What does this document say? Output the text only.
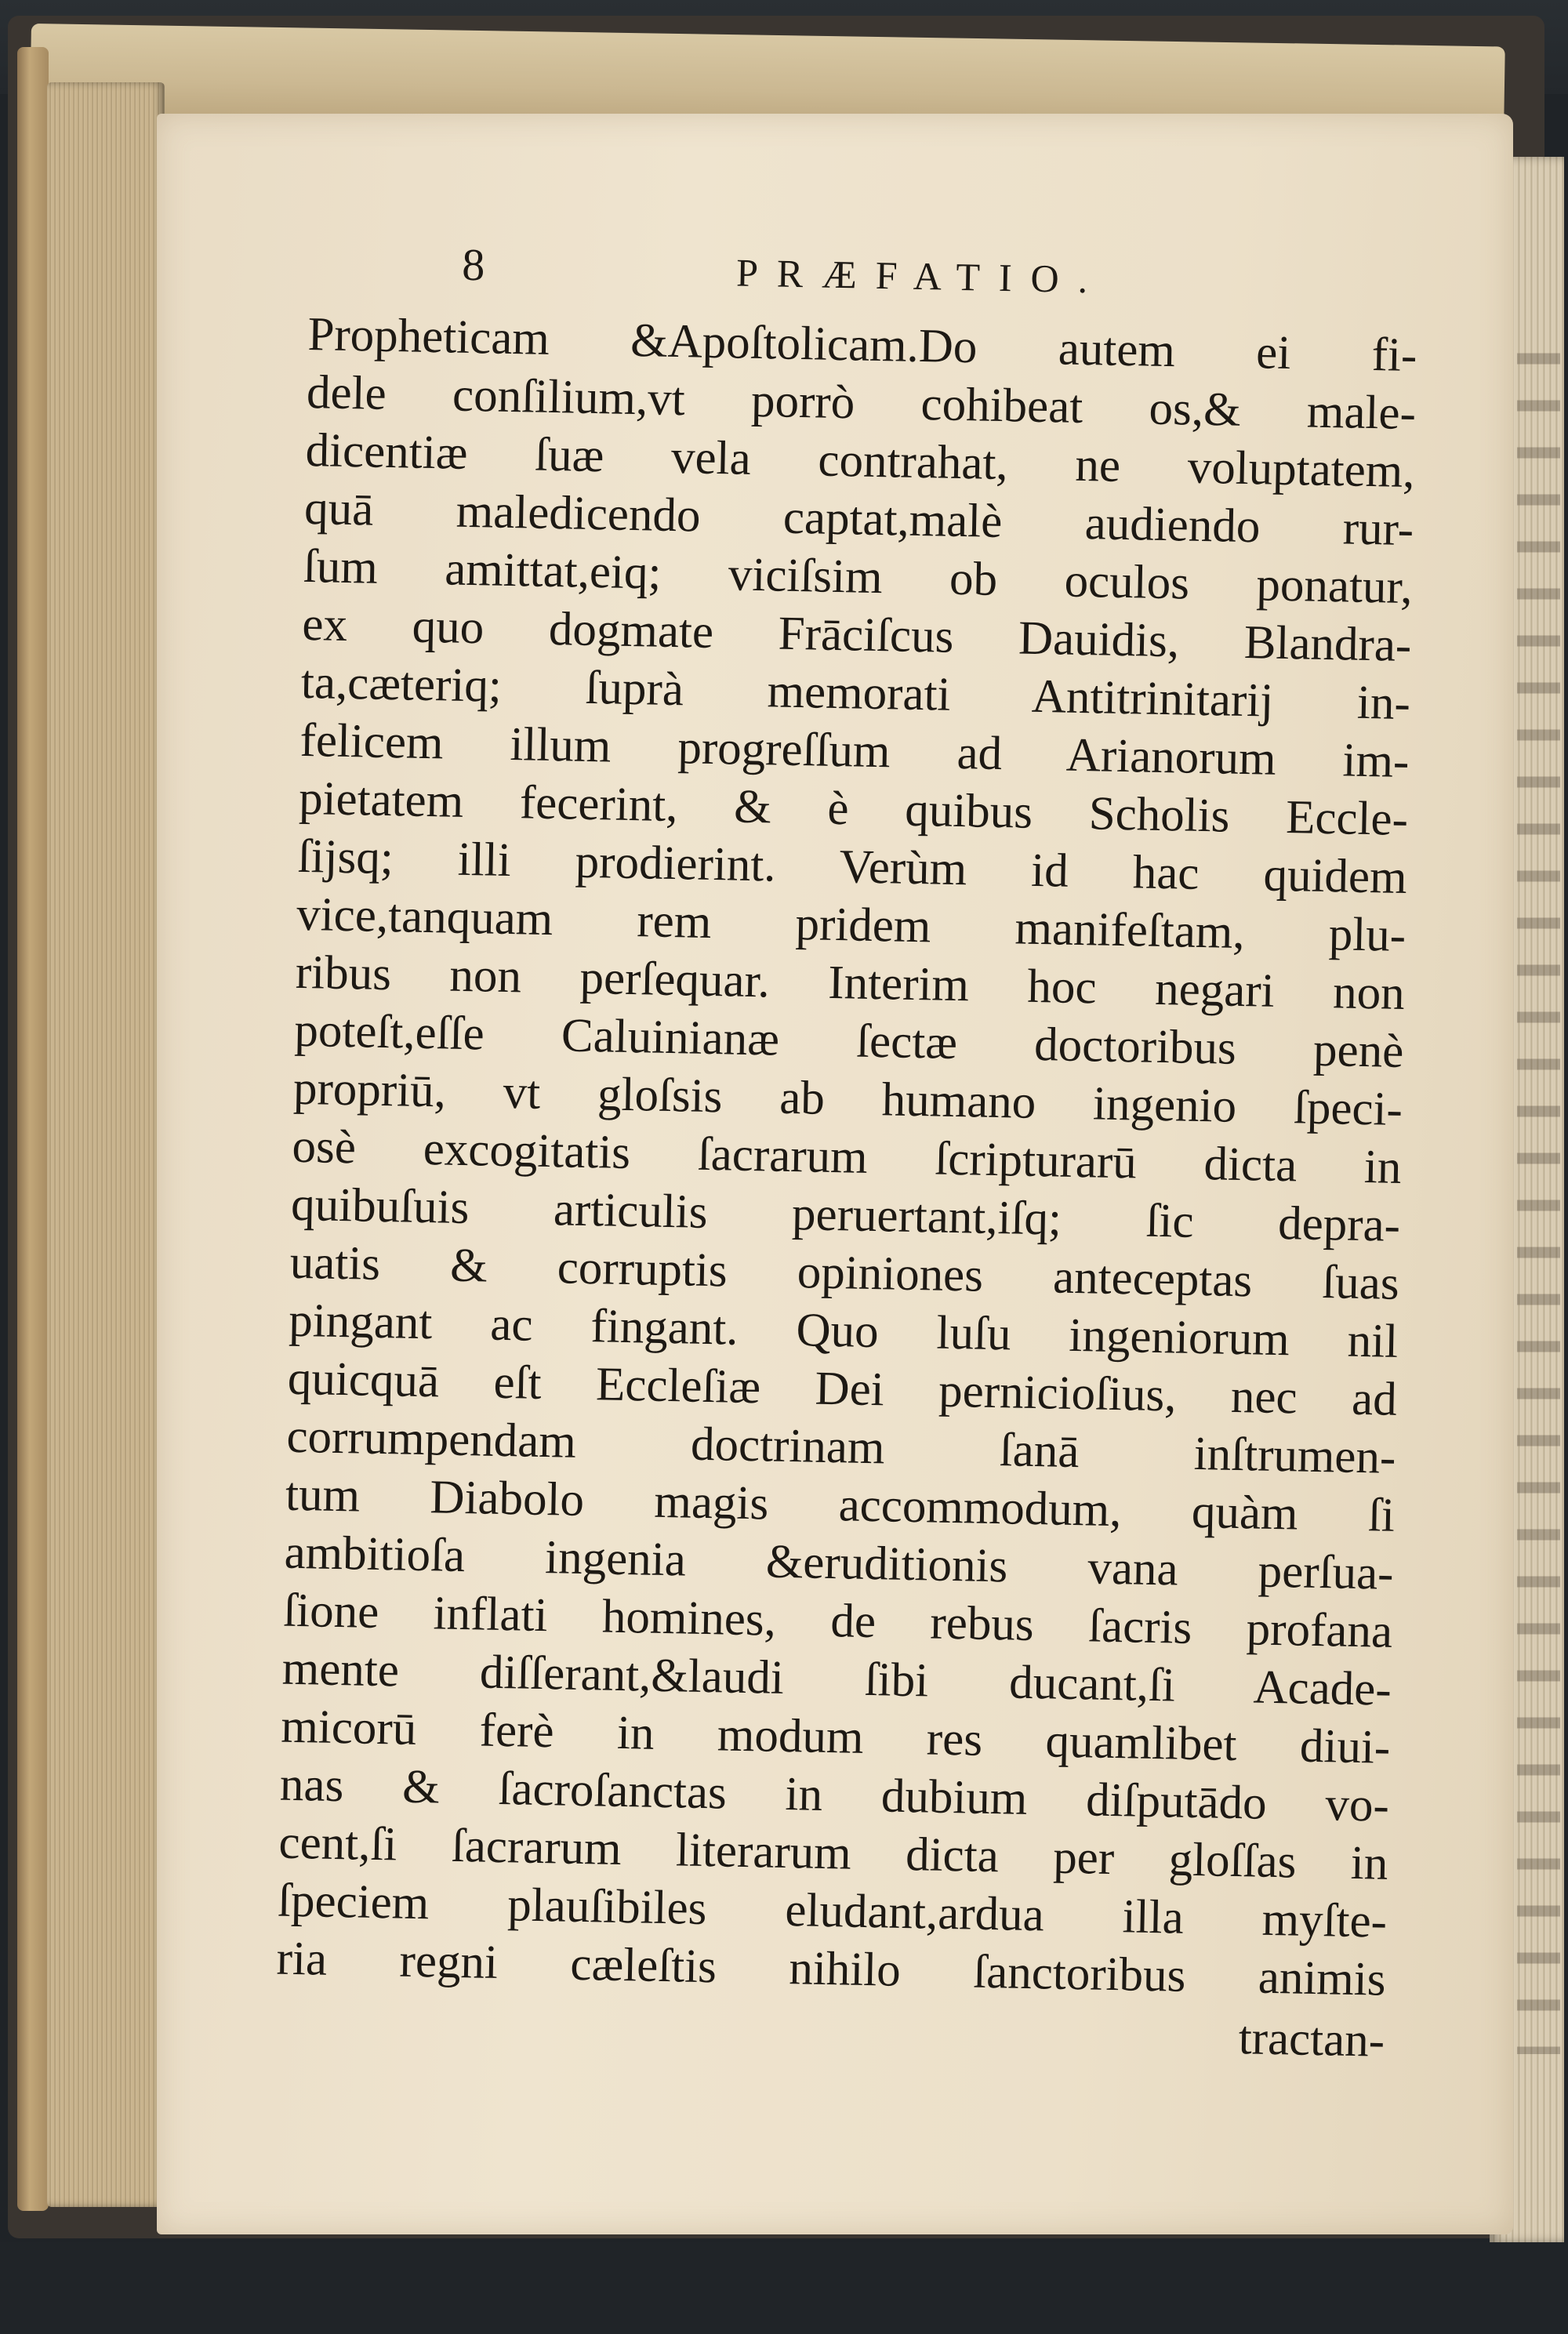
8	PRÆFATIO.
Propheticam &Apoſtolicam.Do autem ei fi-
dele conſilium,vt porrò cohibeat os,& male-
dicentiæ ſuæ vela contrahat, ne voluptatem,
quā maledicendo captat,malè audiendo rur-
ſum amittat,eiq; viciſsim ob oculos ponatur,
ex quo dogmate Frāciſcus Dauidis, Blandra-
ta,cæteriq; ſuprà memorati Antitrinitarij in-
felicem illum progreſſum ad Arianorum im-
pietatem fecerint, & è quibus Scholis Eccle-
ſijsq; illi prodierint. Verùm id hac quidem
vice,tanquam rem pridem manifeſtam, plu-
ribus non perſequar. Interim hoc negari non
poteſt,eſſe Caluinianæ ſectæ doctoribus penè
propriū, vt gloſsis ab humano ingenio ſpeci-
osè excogitatis ſacrarum ſcripturarū dicta in
quibuſuis articulis peruertant,iſq; ſic depra-
uatis & corruptis opiniones anteceptas ſuas
pingant ac fingant. Quo luſu ingeniorum nil
quicquā eſt Eccleſiæ Dei pernicioſius, nec ad
corrumpendam doctrinam ſanā inſtrumen-
tum Diabolo magis accommodum, quàm ſi
ambitioſa ingenia &eruditionis vana perſua-
ſione inflati homines, de rebus ſacris profana
mente diſſerant,&laudi ſibi ducant,ſi Acade-
micorū ferè in modum res quamlibet diui-
nas & ſacroſanctas in dubium diſputādo vo-
cent,ſi ſacrarum literarum dicta per gloſſas in
ſpeciem plauſibiles eludant,ardua illa myſte-
ria regni cæleſtis nihilo ſanctoribus animis
tractan-
